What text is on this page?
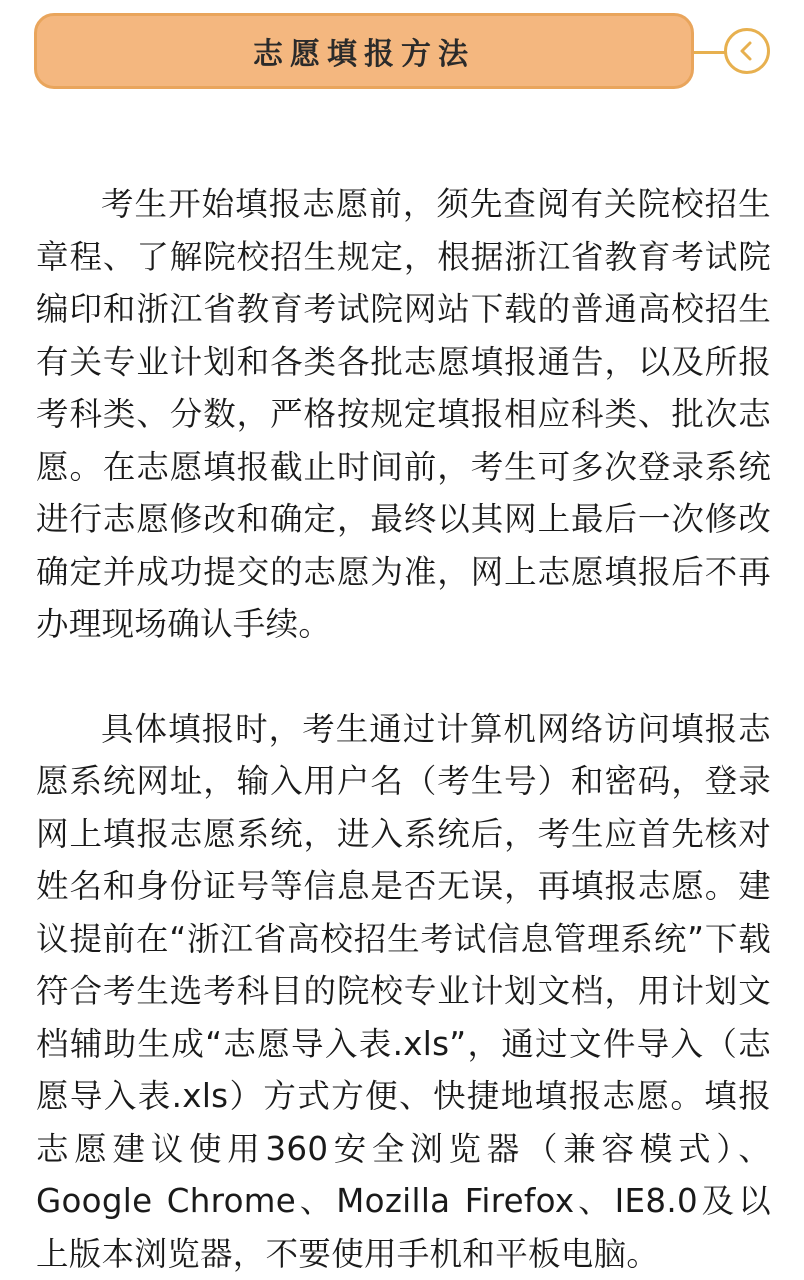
志愿填报方法

考生开始填报志愿前，须先查阅有关院校招生章程、了解院校招生规定，根据浙江省教育考试院编印和浙江省教育考试院网站下载的普通高校招生有关专业计划和各类各批志愿填报通告，以及所报考科类、分数，严格按规定填报相应科类、批次志愿。在志愿填报截止时间前，考生可多次登录系统进行志愿修改和确定，最终以其网上最后一次修改确定并成功提交的志愿为准，网上志愿填报后不再办理现场确认手续。

具体填报时，考生通过计算机网络访问填报志愿系统网址，输入用户名（考生号）和密码，登录网上填报志愿系统，进入系统后，考生应首先核对姓名和身份证号等信息是否无误，再填报志愿。建议提前在“浙江省高校招生考试信息管理系统”下载符合考生选考科目的院校专业计划文档，用计划文档辅助生成“志愿导入表.xls”，通过文件导入（志愿导入表.xls）方式方便、快捷地填报志愿。填报志愿建议使用360安全浏览器（兼容模式）、Google Chrome、Mozilla Firefox、IE8.0及以上版本浏览器，不要使用手机和平板电脑。
